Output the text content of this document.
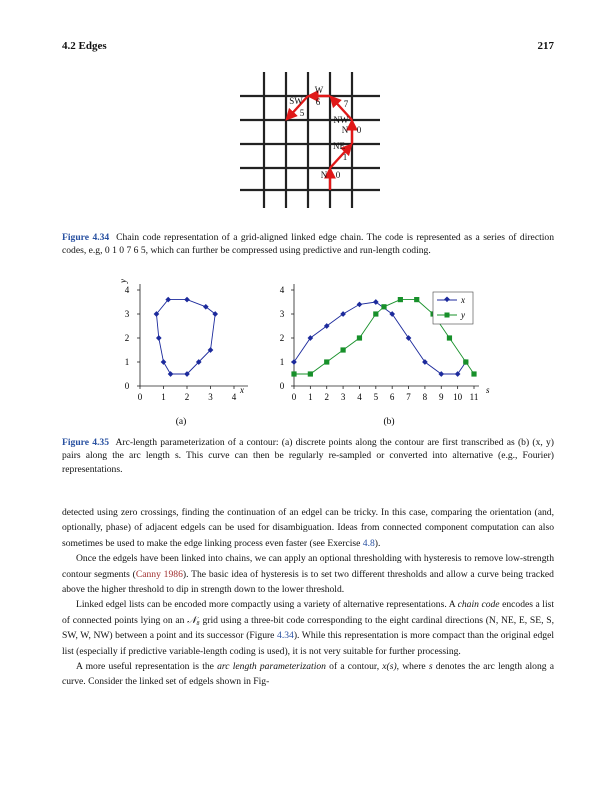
4.2 Edges	217
W
SW 6	7
5
NW
N 0
NE
1
N 0
Figure 4.34 Chain code representation of a grid-aligned linked edge chain. The code is represented as a series of direction codes, e.g, 0 1 0 7 6 5, which can further be compressed using predictive and run-length coding.
0 1 2 3 4
0
1
2
3
4
y
x
(a)
0 1 2 3 4 5 6 7 8 9 10 11
0
1
2
3
4
s
x
y
(b)
Figure 4.35 Arc-length parameterization of a contour: (a) discrete points along the contour are first transcribed as (b) (x, y) pairs along the arc length s. This curve can then be regularly re-sampled or converted into alternative (e.g., Fourier) representations.

detected using zero crossings, finding the continuation of an edgel can be tricky. In this case, comparing the orientation (and, optionally, phase) of adjacent edgels can be used for disambiguation. Ideas from connected component computation can also sometimes be used to make the edge linking process even faster (see Exercise 4.8).

Once the edgels have been linked into chains, we can apply an optional thresholding with hysteresis to remove low-strength contour segments (Canny 1986). The basic idea of hysteresis is to set two different thresholds and allow a curve being tracked above the higher threshold to dip in strength down to the lower threshold.

Linked edgel lists can be encoded more compactly using a variety of alternative representations. A chain code encodes a list of connected points lying on an 𝒩₈ grid using a three-bit code corresponding to the eight cardinal directions (N, NE, E, SE, S, SW, W, NW) between a point and its successor (Figure 4.34). While this representation is more compact than the original edgel list (especially if predictive variable-length coding is used), it is not very suitable for further processing.

A more useful representation is the arc length parameterization of a contour, x(s), where s denotes the arc length along a curve. Consider the linked set of edgels shown in Fig-
